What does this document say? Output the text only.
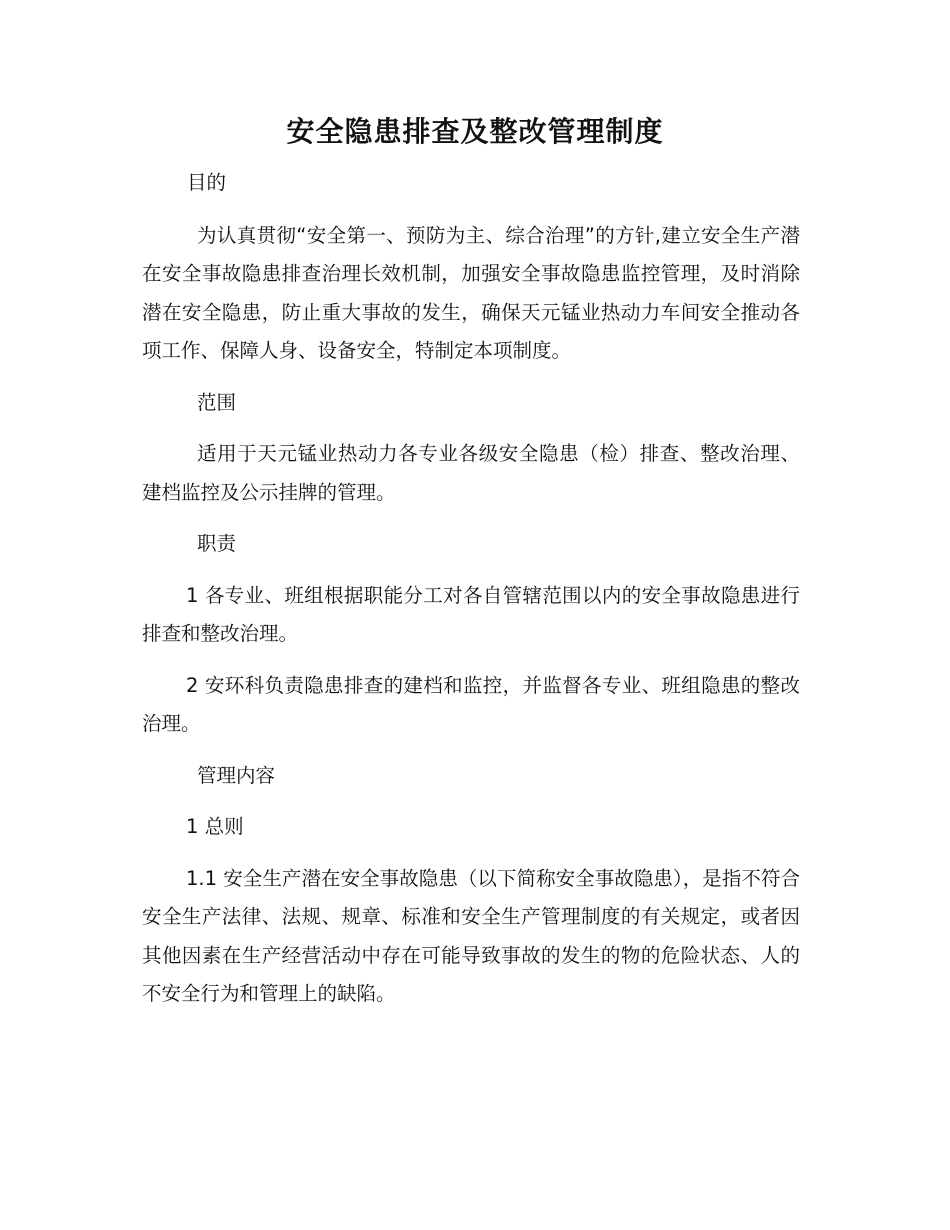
安全隐患排查及整改管理制度

目的

为认真贯彻“安全第一、预防为主、综合治理”的方针,建立安全生产潜在安全事故隐患排查治理长效机制，加强安全事故隐患监控管理，及时消除潜在安全隐患，防止重大事故的发生，确保天元锰业热动力车间安全推动各项工作、保障人身、设备安全，特制定本项制度。

范围

适用于天元锰业热动力各专业各级安全隐患（检）排查、整改治理、建档监控及公示挂牌的管理。

职责

1 各专业、班组根据职能分工对各自管辖范围以内的安全事故隐患进行排查和整改治理。

2 安环科负责隐患排查的建档和监控，并监督各专业、班组隐患的整改治理。

管理内容

1 总则

1.1 安全生产潜在安全事故隐患（以下简称安全事故隐患），是指不符合安全生产法律、法规、规章、标准和安全生产管理制度的有关规定，或者因其他因素在生产经营活动中存在可能导致事故的发生的物的危险状态、人的不安全行为和管理上的缺陷。
